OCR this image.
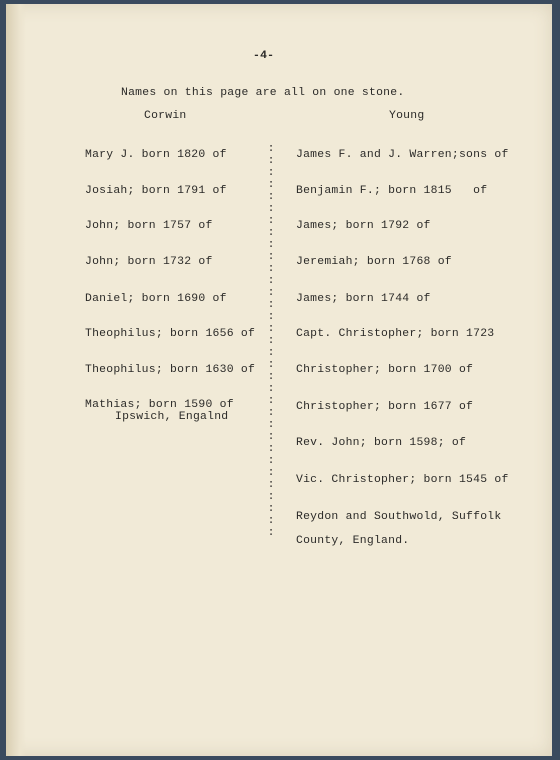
-4-
Names on this page are all on one stone.
Corwin	Young
Mary J. born 1820 of
Josiah; born 1791 of
John; born 1757 of
John; born 1732 of
Daniel; born 1690 of
Theophilus; born 1656 of
Theophilus; born 1630 of
Mathias; born 1590 of
Ipswich, Engalnd
:
:
:
:
:
:
:
:
:
:
:
:
:
:
:
:
:
:
:
:
:
:
:
:
:
:
:
:
:
:
:
:
:
James F. and J. Warren;sons of
Benjamin F.; born 1815   of
James; born 1792 of
Jeremiah; born 1768 of
James; born 1744 of
Capt. Christopher; born 1723
Christopher; born 1700 of
Christopher; born 1677 of
Rev. John; born 1598; of
Vic. Christopher; born 1545 of
Reydon and Southwold, Suffolk
County, England.
